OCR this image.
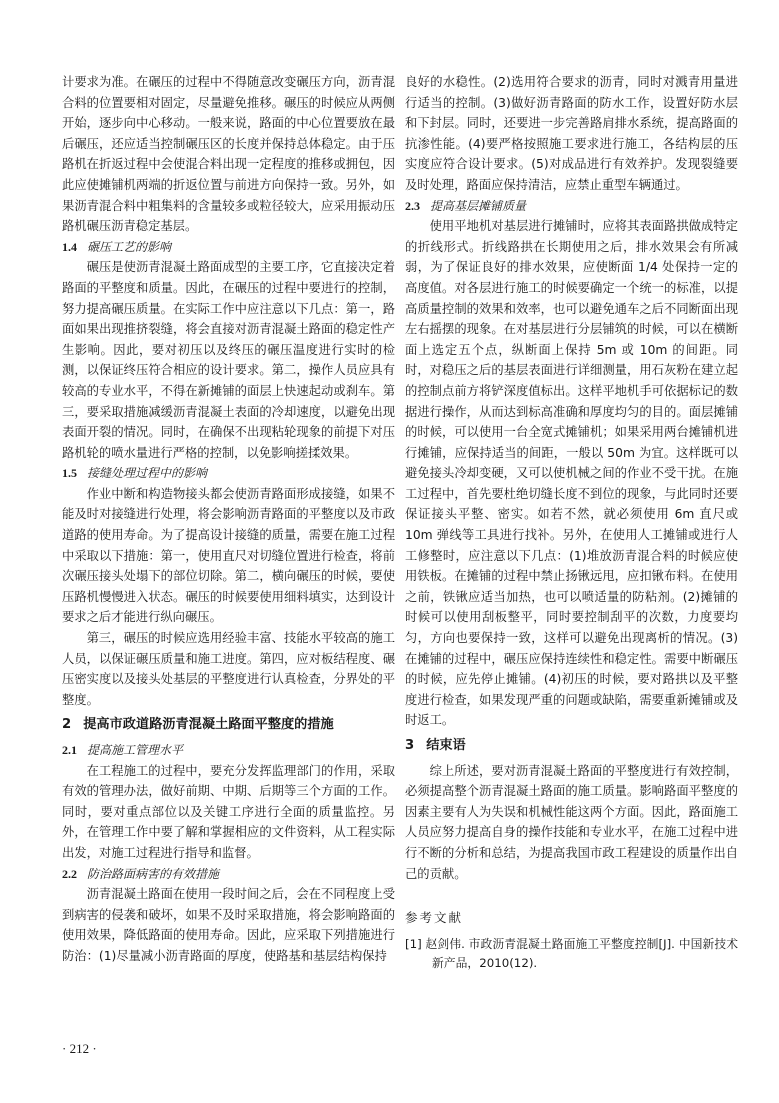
计要求为准。在碾压的过程中不得随意改变碾压方向，沥青混合料的位置要相对固定，尽量避免推移。碾压的时候应从两侧开始，逐步向中心移动。一般来说，路面的中心位置要放在最后碾压，还应适当控制碾压区的长度并保持总体稳定。由于压路机在折返过程中会使混合料出现一定程度的推移或拥包，因此应使摊铺机两端的折返位置与前进方向保持一致。另外，如果沥青混合料中粗集料的含量较多或粒径较大，应采用振动压路机碾压沥青稳定基层。

1.4 碾压工艺的影响

碾压是使沥青混凝土路面成型的主要工序，它直接决定着路面的平整度和质量。因此，在碾压的过程中要进行的控制，努力提高碾压质量。在实际工作中应注意以下几点：第一，路面如果出现推挤裂缝，将会直接对沥青混凝土路面的稳定性产生影响。因此，要对初压以及终压的碾压温度进行实时的检测，以保证终压符合相应的设计要求。第二，操作人员应具有较高的专业水平，不得在新摊铺的面层上快速起动或刹车。第三，要采取措施减缓沥青混凝土表面的冷却速度，以避免出现表面开裂的情况。同时，在确保不出现粘轮现象的前提下对压路机轮的喷水量进行严格的控制，以免影响搓揉效果。

1.5 接缝处理过程中的影响

作业中断和构造物接头都会使沥青路面形成接缝，如果不能及时对接缝进行处理，将会影响沥青路面的平整度以及市政道路的使用寿命。为了提高设计接缝的质量，需要在施工过程中采取以下措施：第一，使用直尺对切缝位置进行检查，将前次碾压接头处塌下的部位切除。第二，横向碾压的时候，要使压路机慢慢进入状态。碾压的时候要使用细料填实，达到设计要求之后才能进行纵向碾压。

第三，碾压的时候应选用经验丰富、技能水平较高的施工人员，以保证碾压质量和施工进度。第四，应对板结程度、碾压密实度以及接头处基层的平整度进行认真检查，分界处的平整度。

2 提高市政道路沥青混凝土路面平整度的措施
2.1 提高施工管理水平

在工程施工的过程中，要充分发挥监理部门的作用，采取有效的管理办法，做好前期、中期、后期等三个方面的工作。同时，要对重点部位以及关键工序进行全面的质量监控。另外，在管理工作中要了解和掌握相应的文件资料，从工程实际出发，对施工过程进行指导和监督。

2.2 防治路面病害的有效措施

沥青混凝土路面在使用一段时间之后，会在不同程度上受到病害的侵袭和破坏，如果不及时采取措施，将会影响路面的使用效果，降低路面的使用寿命。因此，应采取下列措施进行防治：(1)尽量减小沥青路面的厚度，使路基和基层结构保持

良好的水稳性。(2)选用符合要求的沥青，同时对溅青用量进行适当的控制。(3)做好沥青路面的防水工作，设置好防水层和下封层。同时，还要进一步完善路肩排水系统，提高路面的抗渗性能。(4)要严格按照施工要求进行施工，各结构层的压实度应符合设计要求。(5)对成品进行有效养护。发现裂缝要及时处理，路面应保持清洁，应禁止重型车辆通过。

2.3 提高基层摊铺质量

使用平地机对基层进行摊铺时，应将其表面路拱做成特定的折线形式。折线路拱在长期使用之后，排水效果会有所减弱，为了保证良好的排水效果，应使断面 1/4 处保持一定的高度值。对各层进行施工的时候要确定一个统一的标准，以提高质量控制的效果和效率，也可以避免通车之后不同断面出现左右摇摆的现象。在对基层进行分层铺筑的时候，可以在横断面上选定五个点，纵断面上保持 5m 或 10m 的间距。同时，对稳压之后的基层表面进行详细测量，用石灰粉在建立起的控制点前方将铲深度值标出。这样平地机手可依据标记的数据进行操作，从而达到标高准确和厚度均匀的目的。面层摊铺的时候，可以使用一台全宽式摊铺机；如果采用两台摊铺机进行摊铺，应保持适当的间距，一般以 50m 为宜。这样既可以避免接头冷却变硬，又可以使机械之间的作业不受干扰。在施工过程中，首先要杜绝切缝长度不到位的现象，与此同时还要保证接头平整、密实。如若不然，就必须使用 6m 直尺或 10m 弹线等工具进行找补。另外，在使用人工摊铺或进行人工修整时，应注意以下几点：(1)堆放沥青混合料的时候应使用铁板。在摊铺的过程中禁止扬锹远甩，应扣锹布料。在使用之前，铁锹应适当加热，也可以喷适量的防粘剂。(2)摊铺的时候可以使用刮板整平，同时要控制刮平的次数，力度要均匀，方向也要保持一致，这样可以避免出现离析的情况。(3)在摊铺的过程中，碾压应保持连续性和稳定性。需要中断碾压的时候，应先停止摊铺。(4)初压的时候，要对路拱以及平整度进行检查，如果发现严重的问题或缺陷，需要重新摊铺或及时返工。

3 结束语

综上所述，要对沥青混凝土路面的平整度进行有效控制，必须提高整个沥青混凝土路面的施工质量。影响路面平整度的因素主要有人为失误和机械性能这两个方面。因此，路面施工人员应努力提高自身的操作技能和专业水平，在施工过程中进行不断的分析和总结，为提高我国市政工程建设的质量作出自己的贡献。

参考文献

[1] 赵剑伟. 市政沥青混凝土路面施工平整度控制[J]. 中国新技术新产品，2010(12).

· 212 ·
